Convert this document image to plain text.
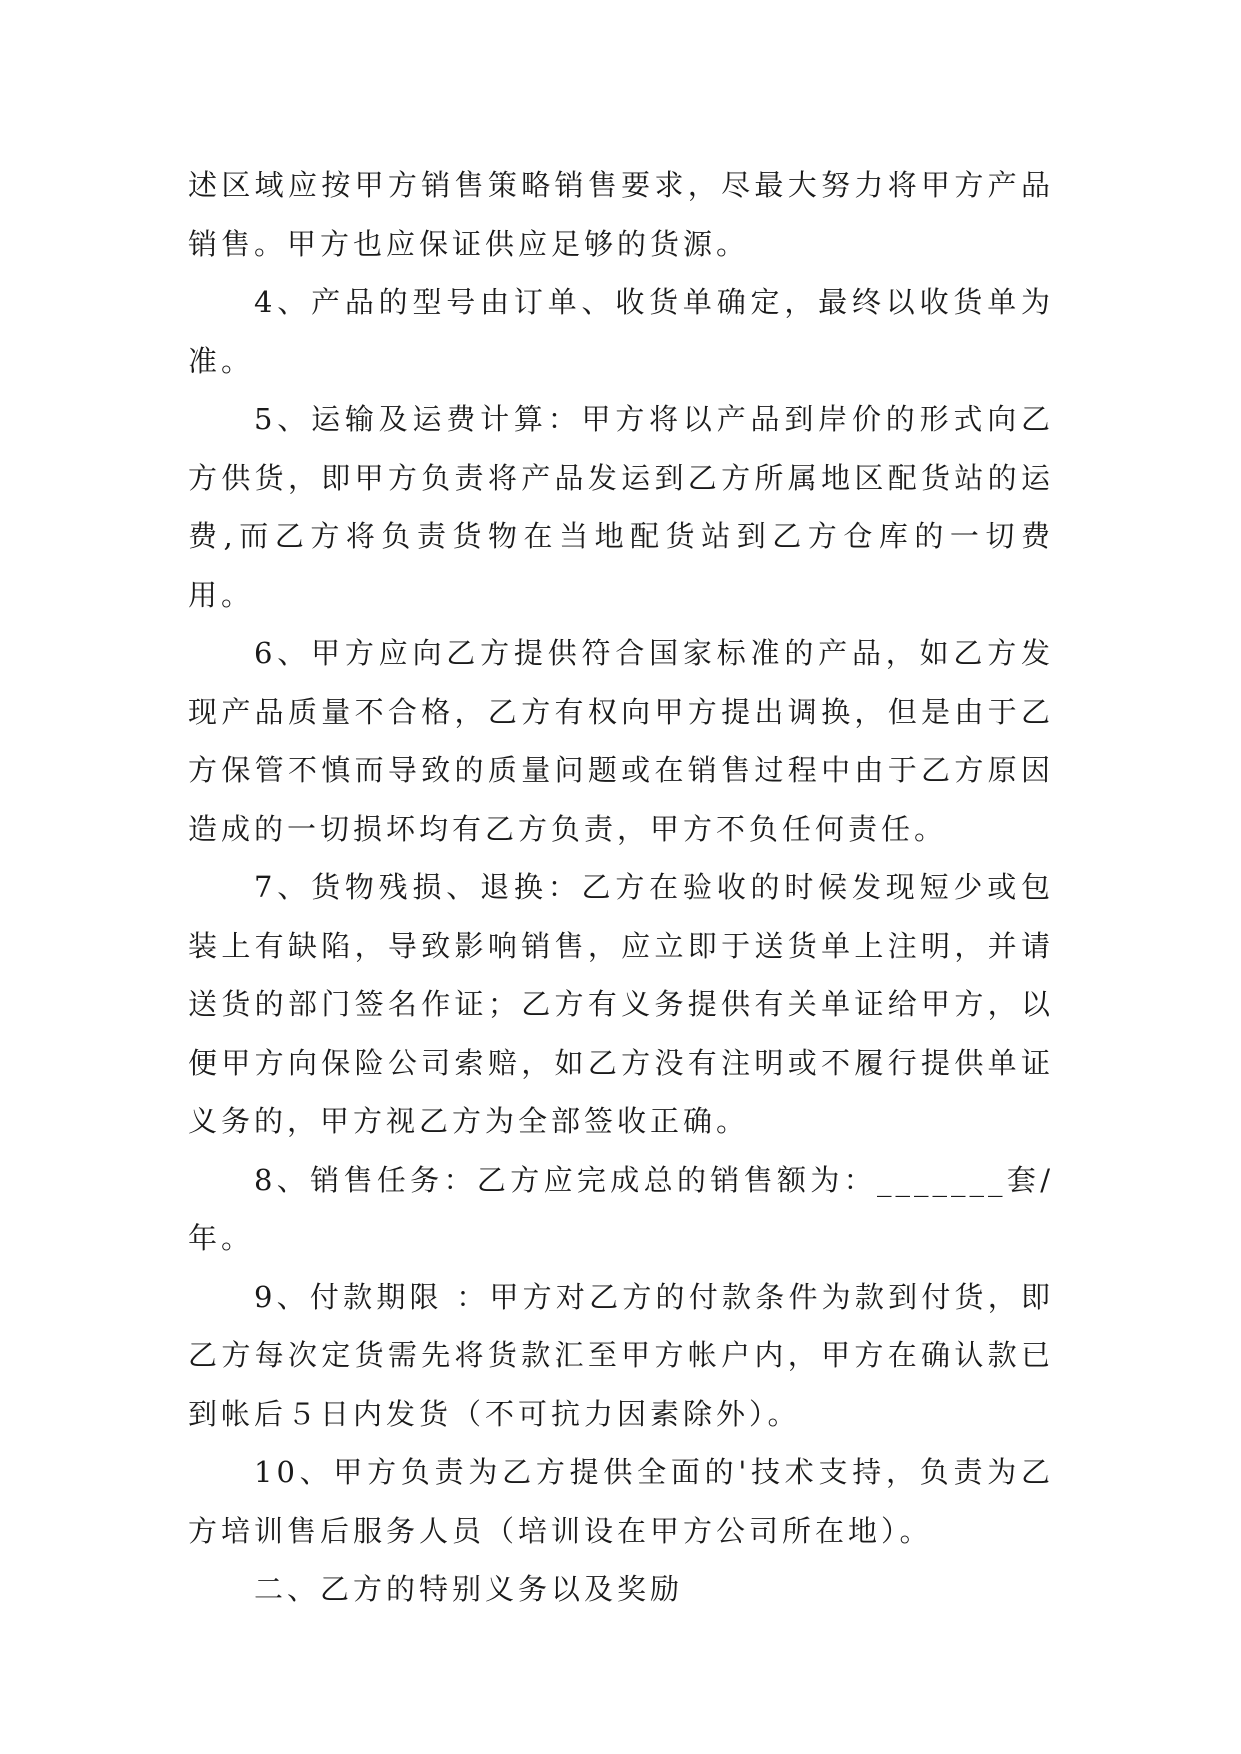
述区域应按甲方销售策略销售要求，尽最大努力将甲方产品销售。甲方也应保证供应足够的货源。

4、产品的型号由订单、收货单确定，最终以收货单为准。

5、运输及运费计算：甲方将以产品到岸价的形式向乙方供货，即甲方负责将产品发运到乙方所属地区配货站的运费,而乙方将负责货物在当地配货站到乙方仓库的一切费用。

6、甲方应向乙方提供符合国家标准的产品，如乙方发现产品质量不合格，乙方有权向甲方提出调换，但是由于乙方保管不慎而导致的质量问题或在销售过程中由于乙方原因造成的一切损坏均有乙方负责，甲方不负任何责任。

7、货物残损、退换：乙方在验收的时候发现短少或包装上有缺陷，导致影响销售，应立即于送货单上注明，并请送货的部门签名作证；乙方有义务提供有关单证给甲方，以便甲方向保险公司索赔，如乙方没有注明或不履行提供单证义务的，甲方视乙方为全部签收正确。

8、销售任务：乙方应完成总的销售额为：_______套/年。

9、付款期限 ：甲方对乙方的付款条件为款到付货，即乙方每次定货需先将货款汇至甲方帐户内，甲方在确认款已到帐后５日内发货（不可抗力因素除外）。

10、甲方负责为乙方提供全面的'技术支持，负责为乙方培训售后服务人员（培训设在甲方公司所在地）。

二、乙方的特别义务以及奖励
